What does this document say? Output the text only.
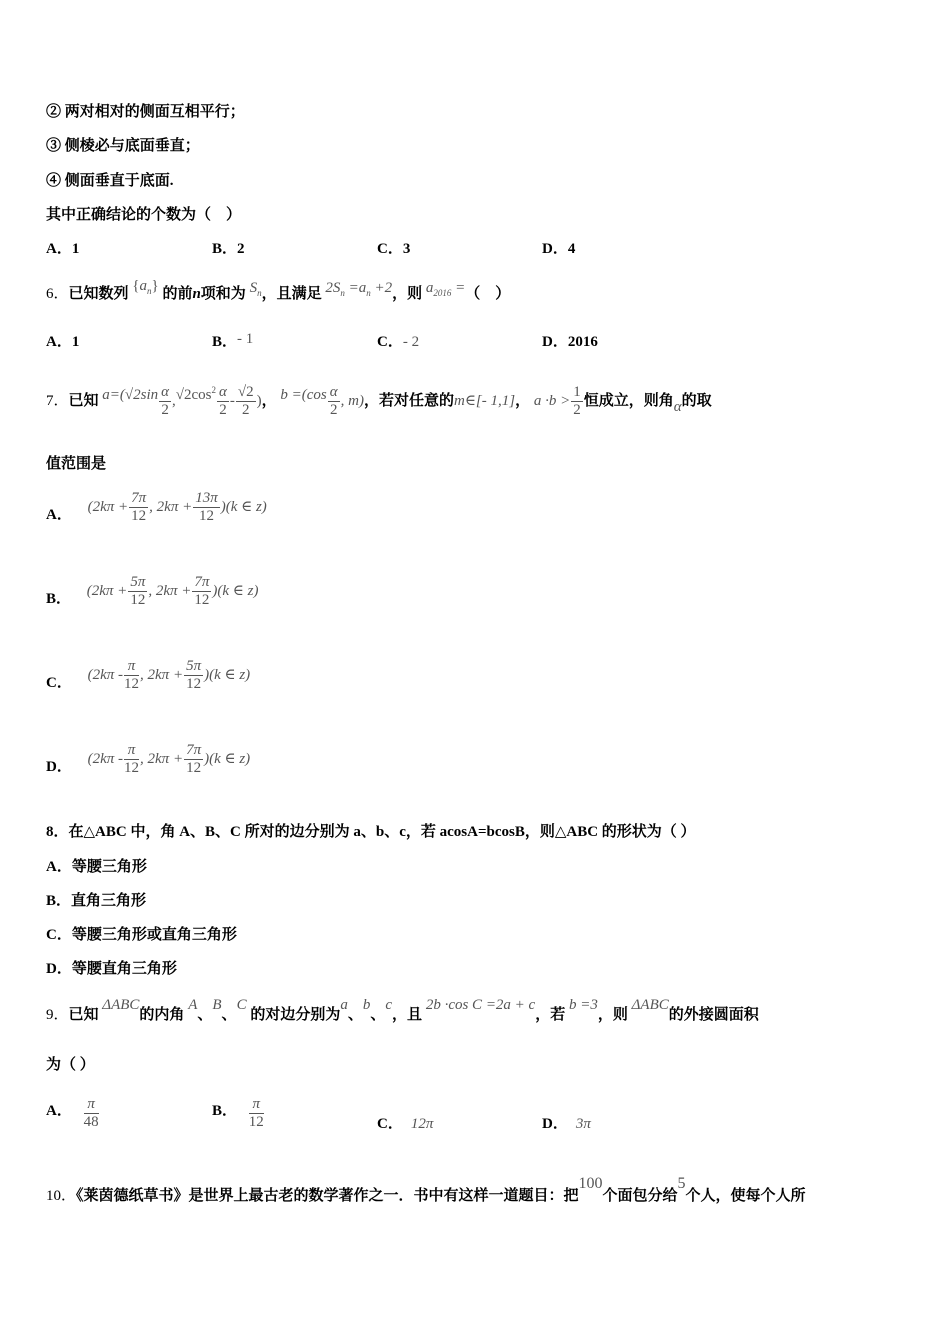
② 两对相对的侧面互相平行；
③ 侧棱必与底面垂直；
④ 侧面垂直于底面.
其中正确结论的个数为（　）
A．1	B．2	C．3	D．4
6．已知数列 $\{a_n\}$ 的前n项和为 $S_n$，且满足 $2S_n =a_n +2$，则 $a_{2016}$ =（　）
A．1	B．- 1	C．- 2	D．2016
7．已知 $a=(√2\sin \frac{\alpha}{2} ,√2\cos^2 \frac{\alpha}{2} - \frac{√2}{2}$ )， $b =(\cos \frac{\alpha}{2}$ , m)，若对任意的m∈[- 1,1]， $a \cdot b > \frac{1}{2}$ 恒成立，则角α的取
值范围是
A． ($2k\pi + \frac{7\pi}{12}$ , $2k\pi + \frac{13\pi}{12} )(k$ ∈ z)
B． ($2k\pi + \frac{5\pi}{12}$ , $2k\pi + \frac{7\pi}{12} )(k$ ∈ z)
C． ($2k\pi - \frac{\pi}{12}$ , $2k\pi + \frac{5\pi}{12} )(k$ ∈ z)
D． ($2k\pi - \frac{\pi}{12}$ , $2k\pi + \frac{7\pi}{12} )(k$ ∈ z)
8．在△ABC 中，角 A、B、C 所对的边分别为 a、b、c，若 acosA=bcosB，则△ABC 的形状为（ ）
A．等腰三角形
B．直角三角形
C．等腰三角形或直角三角形
D．等腰直角三角形
9．已知 ΔABC的内角 A、B、C 的对边分别为a、b、c，且 2b ·cos C =2a + c，若 b =3，则 ΔABC的外接圆面积
为（ ）
A． $\frac{\pi}{48}$	B． $\frac{\pi}{12}$	C． 12π	D． 3π
10．《莱茵德纸草书》是世界上最古老的数学著作之一．书中有这样一道题目：把100个面包分给5个人，使每个人所
